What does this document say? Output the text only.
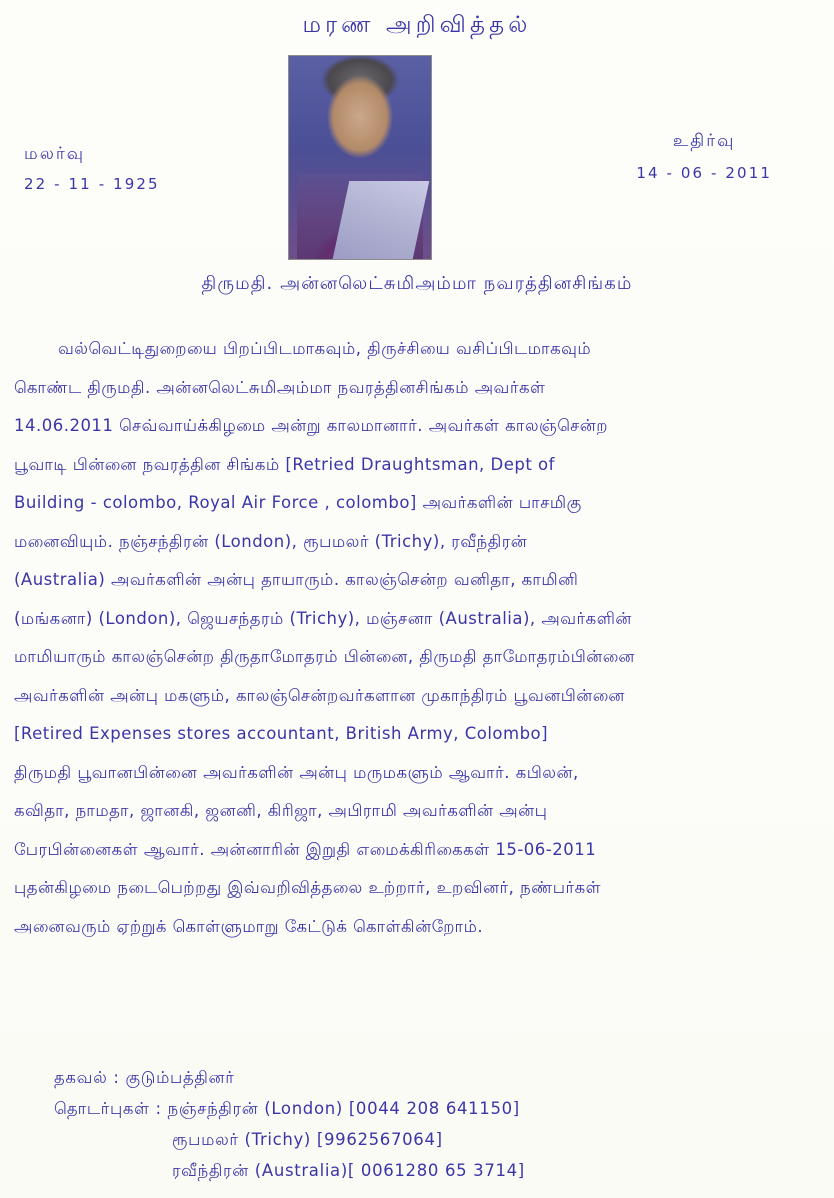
மரண அறிவித்தல்
மலர்வு
22 - 11 - 1925
உதிர்வு
14 - 06 - 2011
திருமதி. அன்னலெட்சுமிஅம்மா நவரத்தினசிங்கம்
வல்வெட்டிதுறையை பிறப்பிடமாகவும், திருச்சியை வசிப்பிடமாகவும்
கொண்ட திருமதி. அன்னலெட்சுமிஅம்மா நவரத்தினசிங்கம் அவர்கள்
14.06.2011 செவ்வாய்க்கிழமை அன்று காலமானார். அவர்கள் காலஞ்சென்ற
பூவாடி பின்னை நவரத்தின சிங்கம் [Retried Draughtsman, Dept of
Building - colombo, Royal Air Force , colombo] அவர்களின் பாசமிகு
மனைவியும். நஞ்சந்திரன் (London), ரூபமலர் (Trichy), ரவீந்திரன்
(Australia) அவர்களின் அன்பு தாயாரும். காலஞ்சென்ற வனிதா, காமினி
(மங்கனா) (London), ஜெயசந்தரம் (Trichy), மஞ்சனா (Australia), அவர்களின்
மாமியாரும் காலஞ்சென்ற திருதாமோதரம் பின்னை, திருமதி தாமோதரம்பின்னை
அவர்களின் அன்பு மகளும், காலஞ்சென்றவர்களான முகாந்திரம் பூவனபின்னை
[Retired Expenses stores accountant, British Army, Colombo]
திருமதி பூவானபின்னை அவர்களின் அன்பு மருமகளும் ஆவார். கபிலன்,
கவிதா, நாமதா, ஜானகி, ஜனனி, கிரிஜா, அபிராமி அவர்களின் அன்பு
பேரபின்னைகள் ஆவார். அன்னாரின் இறுதி எமைக்கிரிகைகள் 15-06-2011
புதன்கிழமை நடைபெற்றது இவ்வறிவித்தலை உற்றார், உறவினர், நண்பர்கள்
அனைவரும் ஏற்றுக் கொள்ளுமாறு கேட்டுக் கொள்கின்றோம்.
தகவல் : குடும்பத்தினர்
தொடர்புகள் : நஞ்சந்திரன் (London) [0044 208 641150]
ரூபமலர் (Trichy) [9962567064]
ரவீந்திரன் (Australia)[ 0061280 65 3714]
